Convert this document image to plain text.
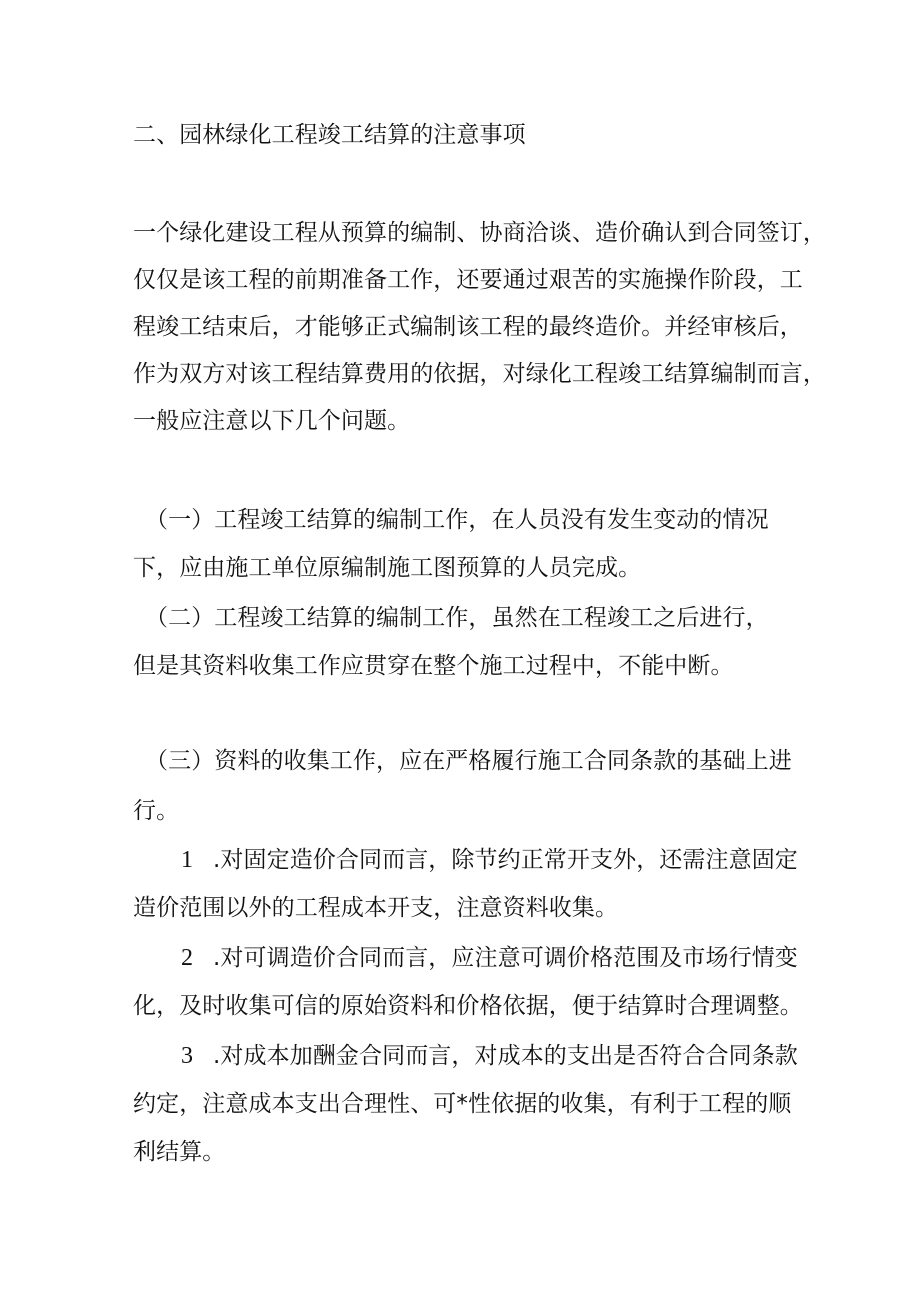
二、园林绿化工程竣工结算的注意事项
一个绿化建设工程从预算的编制、协商洽谈、造价确认到合同签订，
仅仅是该工程的前期准备工作，还要通过艰苦的实施操作阶段，工
程竣工结束后，才能够正式编制该工程的最终造价。并经审核后，
作为双方对该工程结算费用的依据，对绿化工程竣工结算编制而言，
一般应注意以下几个问题。
（一）工程竣工结算的编制工作，在人员没有发生变动的情况
下，应由施工单位原编制施工图预算的人员完成。
（二）工程竣工结算的编制工作，虽然在工程竣工之后进行，
但是其资料收集工作应贯穿在整个施工过程中，不能中断。
（三）资料的收集工作，应在严格履行施工合同条款的基础上进
行。
1 .对固定造价合同而言，除节约正常开支外，还需注意固定
造价范围以外的工程成本开支，注意资料收集。
2 .对可调造价合同而言，应注意可调价格范围及市场行情变
化，及时收集可信的原始资料和价格依据，便于结算时合理调整。
3 .对成本加酬金合同而言，对成本的支出是否符合合同条款
约定，注意成本支出合理性、可*性依据的收集，有利于工程的顺
利结算。
